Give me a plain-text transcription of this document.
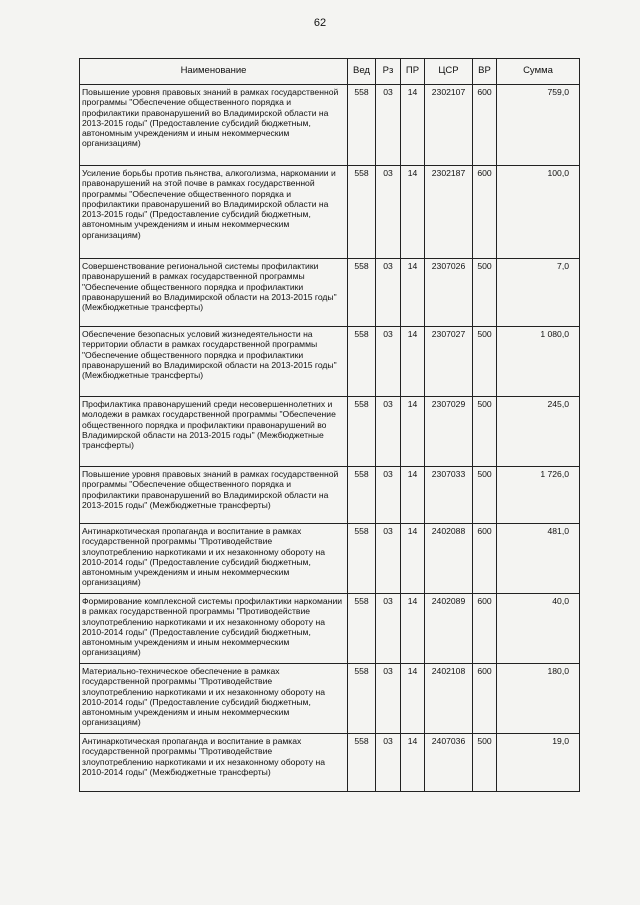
62
Наименование	Вед	Рз	ПР	ЦСР	ВР	Сумма
Повышение уровня правовых знаний в рамках государственной программы "Обеспечение общественного порядка и профилактики правонарушений во Владимирской области на 2013-2015 годы" (Предоставление субсидий бюджетным, автономным учреждениям и иным некоммерческим организациям)	558	03	14	2302107	600	759,0
Усиление борьбы против пьянства, алкоголизма, наркомании и правонарушений на этой почве в рамках государственной программы "Обеспечение общественного порядка и профилактики правонарушений во Владимирской области на 2013-2015 годы" (Предоставление субсидий бюджетным, автономным учреждениям и иным некоммерческим организациям)	558	03	14	2302187	600	100,0
Совершенствование региональной системы профилактики правонарушений в рамках государственной программы "Обеспечение общественного порядка и профилактики правонарушений во Владимирской области на 2013-2015 годы" (Межбюджетные трансферты)	558	03	14	2307026	500	7,0
Обеспечение безопасных условий жизнедеятельности на территории области в рамках государственной программы "Обеспечение общественного порядка и профилактики правонарушений во Владимирской области на 2013-2015 годы" (Межбюджетные трансферты)	558	03	14	2307027	500	1 080,0
Профилактика правонарушений среди несовершеннолетних и молодежи в рамках государственной программы "Обеспечение общественного порядка и профилактики правонарушений во Владимирской области на 2013-2015 годы" (Межбюджетные трансферты)	558	03	14	2307029	500	245,0
Повышение уровня правовых знаний в рамках государственной программы "Обеспечение общественного порядка и профилактики правонарушений во Владимирской области на 2013-2015 годы" (Межбюджетные трансферты)	558	03	14	2307033	500	1 726,0
Антинаркотическая пропаганда и воспитание в рамках государственной программы "Противодействие злоупотреблению наркотиками и их незаконному обороту на 2010-2014 годы" (Предоставление субсидий бюджетным, автономным учреждениям и иным некоммерческим организациям)	558	03	14	2402088	600	481,0
Формирование комплексной системы профилактики наркомании в рамках государственной программы "Противодействие злоупотреблению наркотиками и их незаконному обороту на 2010-2014 годы" (Предоставление субсидий бюджетным, автономным учреждениям и иным некоммерческим организациям)	558	03	14	2402089	600	40,0
Материально-техническое обеспечение в рамках государственной программы "Противодействие злоупотреблению наркотиками и их незаконному обороту на 2010-2014 годы" (Предоставление субсидий бюджетным, автономным учреждениям и иным некоммерческим организациям)	558	03	14	2402108	600	180,0
Антинаркотическая пропаганда и воспитание в рамках государственной программы "Противодействие злоупотреблению наркотиками и их незаконному обороту на 2010-2014 годы" (Межбюджетные трансферты)	558	03	14	2407036	500	19,0
